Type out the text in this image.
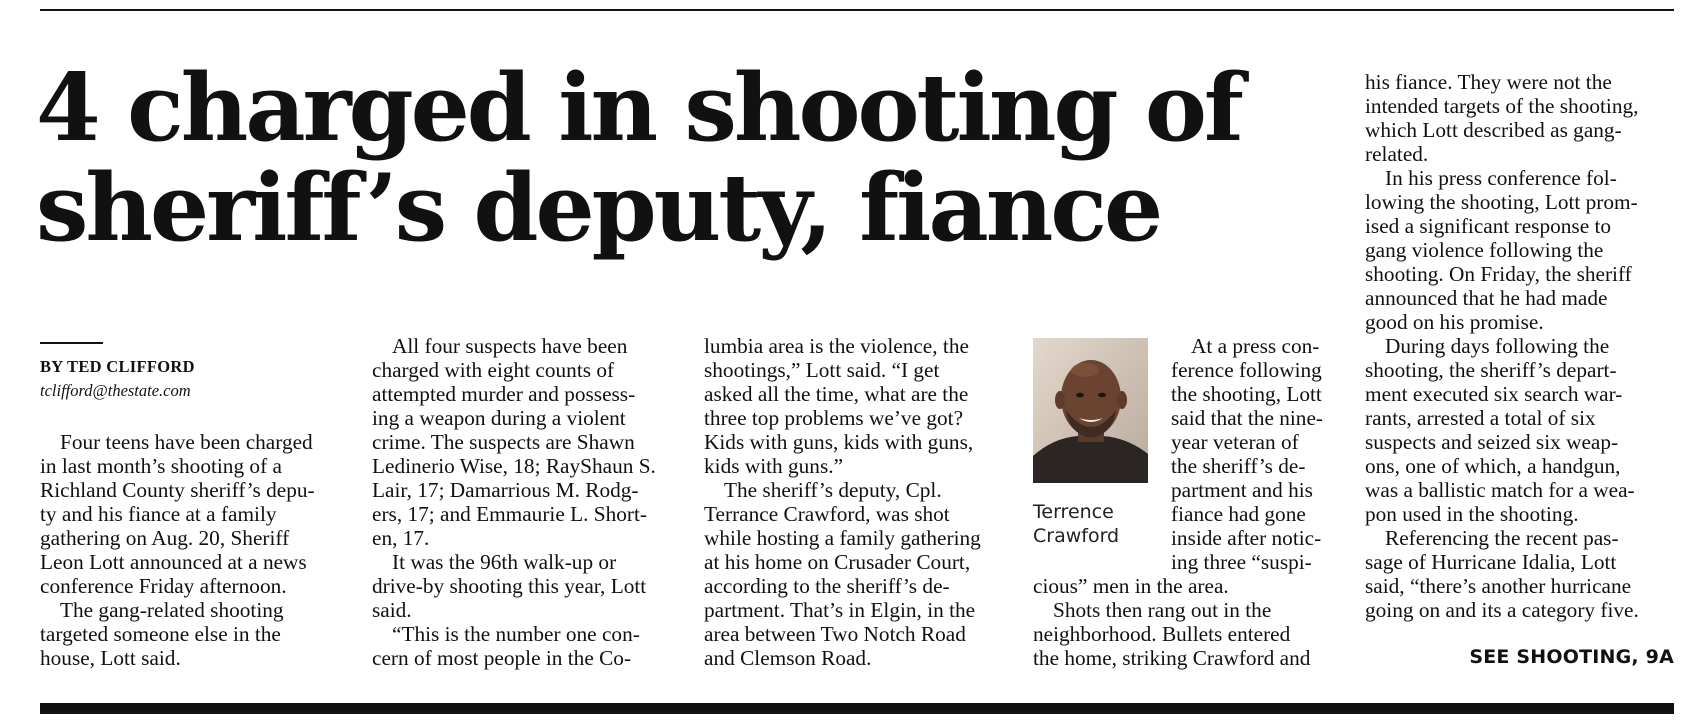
4 charged in shooting of
sheriff’s deputy, fiance
BY TED CLIFFORD
tclifford@thestate.com
Four teens have been charged
in last month’s shooting of a
Richland County sheriff’s depu-
ty and his fiance at a family
gathering on Aug. 20, Sheriff
Leon Lott announced at a news
conference Friday afternoon.
The gang-related shooting
targeted someone else in the
house, Lott said.
All four suspects have been
charged with eight counts of
attempted murder and possess-
ing a weapon during a violent
crime. The suspects are Shawn
Ledinerio Wise, 18; RayShaun S.
Lair, 17; Damarrious M. Rodg-
ers, 17; and Emmaurie L. Short-
en, 17.
It was the 96th walk-up or
drive-by shooting this year, Lott
said.
“This is the number one con-
cern of most people in the Co-
lumbia area is the violence, the
shootings,” Lott said. “I get
asked all the time, what are the
three top problems we’ve got?
Kids with guns, kids with guns,
kids with guns.”
The sheriff’s deputy, Cpl.
Terrance Crawford, was shot
while hosting a family gathering
at his home on Crusader Court,
according to the sheriff’s de-
partment. That’s in Elgin, in the
area between Two Notch Road
and Clemson Road.
Terrence
Crawford
At a press con-
ference following
the shooting, Lott
said that the nine-
year veteran of
the sheriff’s de-
partment and his
fiance had gone
inside after notic-
ing three “suspi-
cious” men in the area.
Shots then rang out in the
neighborhood. Bullets entered
the home, striking Crawford and
his fiance. They were not the
intended targets of the shooting,
which Lott described as gang-
related.
In his press conference fol-
lowing the shooting, Lott prom-
ised a significant response to
gang violence following the
shooting. On Friday, the sheriff
announced that he had made
good on his promise.
During days following the
shooting, the sheriff’s depart-
ment executed six search war-
rants, arrested a total of six
suspects and seized six weap-
ons, one of which, a handgun,
was a ballistic match for a wea-
pon used in the shooting.
Referencing the recent pas-
sage of Hurricane Idalia, Lott
said, “there’s another hurricane
going on and its a category five.
SEE SHOOTING, 9A
